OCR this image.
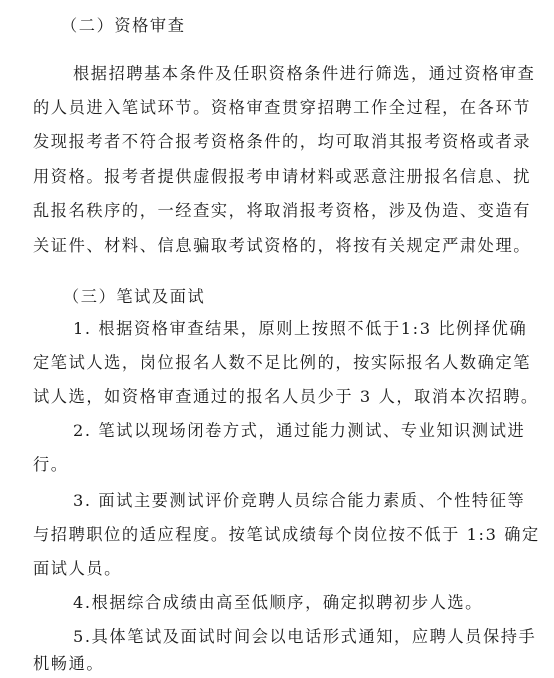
（二）资格审查
根据招聘基本条件及任职资格条件进行筛选，通过资格审查
的人员进入笔试环节。资格审查贯穿招聘工作全过程，在各环节
发现报考者不符合报考资格条件的，均可取消其报考资格或者录
用资格。报考者提供虚假报考申请材料或恶意注册报名信息、扰
乱报名秩序的，一经查实，将取消报考资格，涉及伪造、变造有
关证件、材料、信息骗取考试资格的，将按有关规定严肃处理。
（三）笔试及面试
1. 根据资格审查结果，原则上按照不低于1:3 比例择优确
定笔试人选，岗位报名人数不足比例的，按实际报名人数确定笔
试人选，如资格审查通过的报名人员少于 3 人，取消本次招聘。
2. 笔试以现场闭卷方式，通过能力测试、专业知识测试进
行。
3. 面试主要测试评价竞聘人员综合能力素质、个性特征等
与招聘职位的适应程度。按笔试成绩每个岗位按不低于 1:3 确定
面试人员。
4.根据综合成绩由高至低顺序，确定拟聘初步人选。
5.具体笔试及面试时间会以电话形式通知，应聘人员保持手
机畅通。
